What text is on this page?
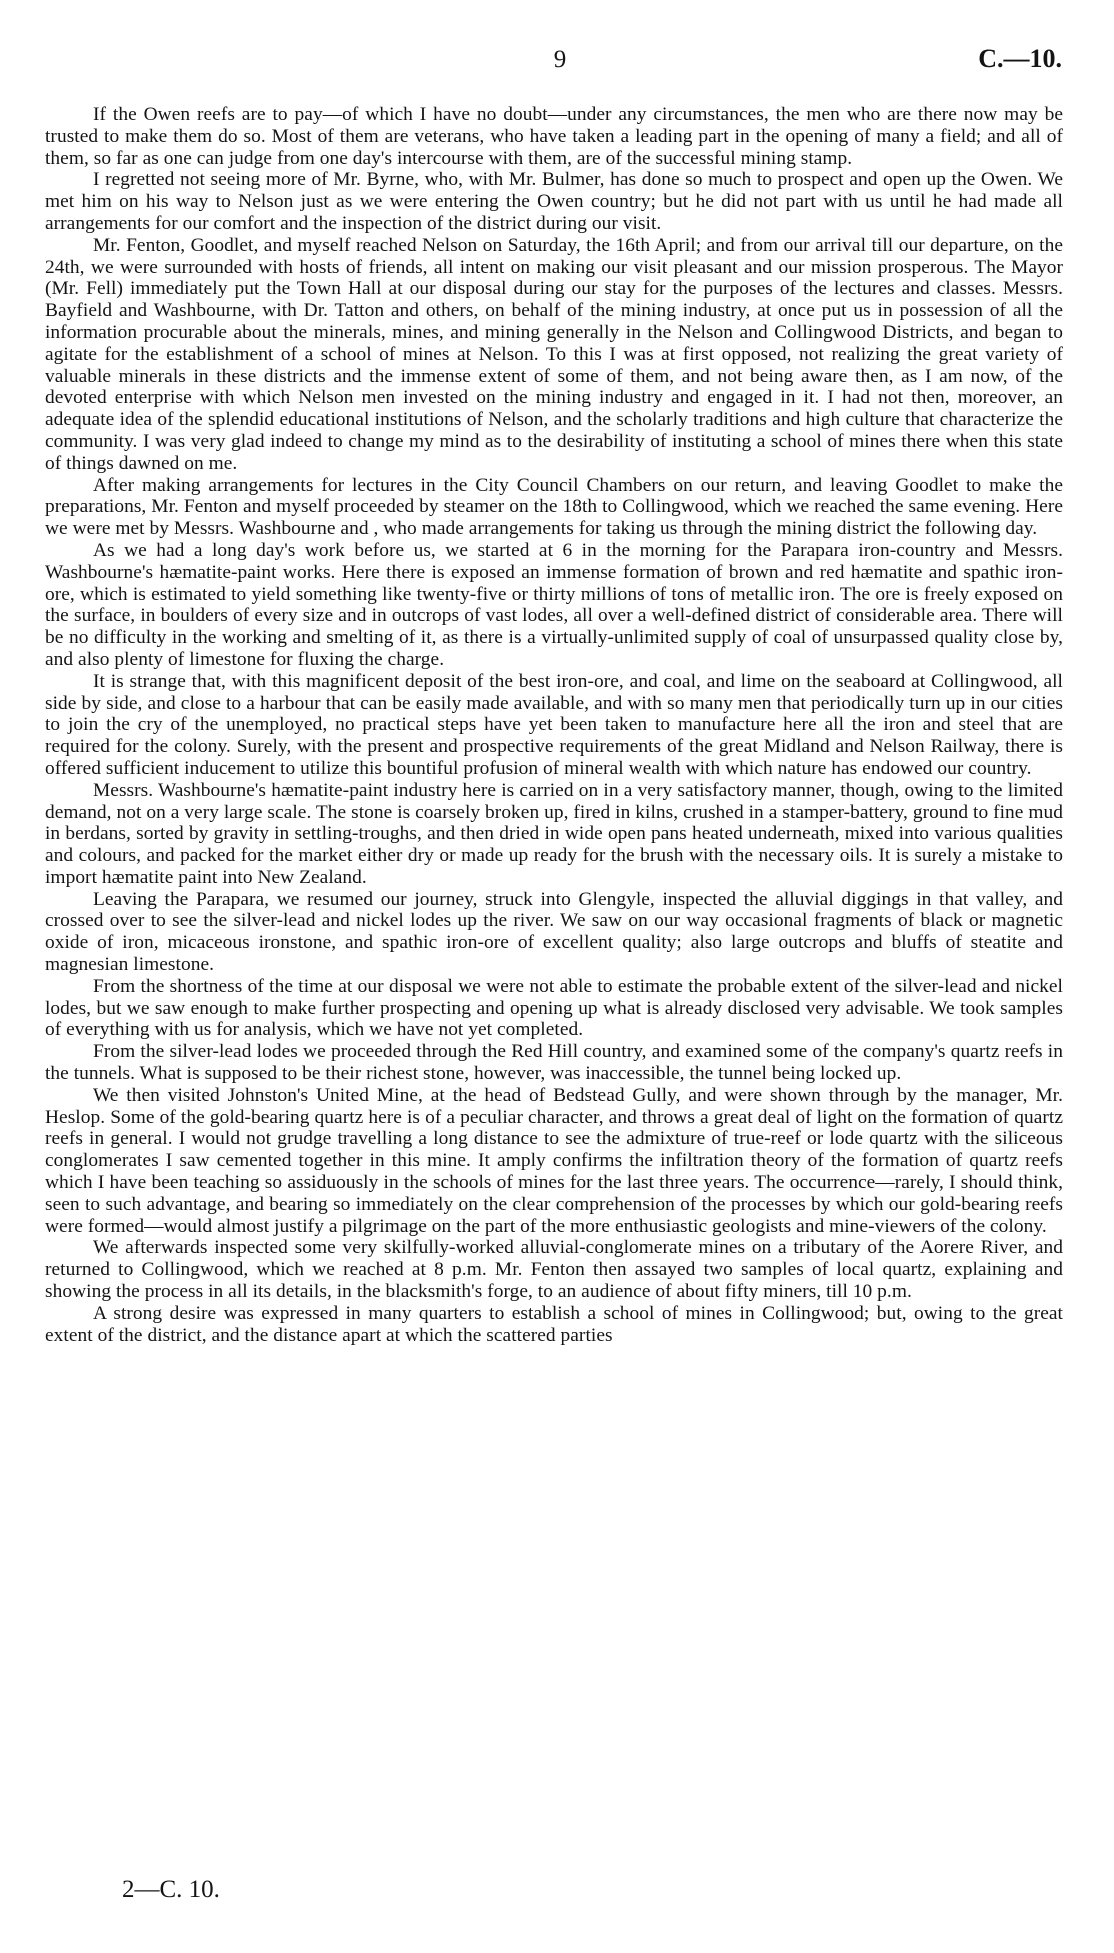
9	C.—10.

If the Owen reefs are to pay—of which I have no doubt—under any circumstances, the men who are there now may be trusted to make them do so. Most of them are veterans, who have taken a leading part in the opening of many a field; and all of them, so far as one can judge from one day's intercourse with them, are of the successful mining stamp.

I regretted not seeing more of Mr. Byrne, who, with Mr. Bulmer, has done so much to prospect and open up the Owen. We met him on his way to Nelson just as we were entering the Owen country; but he did not part with us until he had made all arrangements for our comfort and the inspection of the district during our visit.

Mr. Fenton, Goodlet, and myself reached Nelson on Saturday, the 16th April; and from our arrival till our departure, on the 24th, we were surrounded with hosts of friends, all intent on making our visit pleasant and our mission prosperous. The Mayor (Mr. Fell) immediately put the Town Hall at our disposal during our stay for the purposes of the lectures and classes. Messrs. Bayfield and Washbourne, with Dr. Tatton and others, on behalf of the mining industry, at once put us in possession of all the information procurable about the minerals, mines, and mining generally in the Nelson and Collingwood Districts, and began to agitate for the establishment of a school of mines at Nelson. To this I was at first opposed, not realizing the great variety of valuable minerals in these districts and the immense extent of some of them, and not being aware then, as I am now, of the devoted enterprise with which Nelson men invested on the mining industry and engaged in it. I had not then, moreover, an adequate idea of the splendid educational institutions of Nelson, and the scholarly traditions and high culture that characterize the community. I was very glad indeed to change my mind as to the desirability of instituting a school of mines there when this state of things dawned on me.

After making arrangements for lectures in the City Council Chambers on our return, and leaving Goodlet to make the preparations, Mr. Fenton and myself proceeded by steamer on the 18th to Collingwood, which we reached the same evening. Here we were met by Messrs. Washbourne and , who made arrangements for taking us through the mining district the following day.

As we had a long day's work before us, we started at 6 in the morning for the Parapara iron-country and Messrs. Washbourne's hæmatite-paint works. Here there is exposed an immense formation of brown and red hæmatite and spathic iron-ore, which is estimated to yield something like twenty-five or thirty millions of tons of metallic iron. The ore is freely exposed on the surface, in boulders of every size and in outcrops of vast lodes, all over a well-defined district of considerable area. There will be no difficulty in the working and smelting of it, as there is a virtually-unlimited supply of coal of unsurpassed quality close by, and also plenty of limestone for fluxing the charge.

It is strange that, with this magnificent deposit of the best iron-ore, and coal, and lime on the seaboard at Collingwood, all side by side, and close to a harbour that can be easily made available, and with so many men that periodically turn up in our cities to join the cry of the unemployed, no practical steps have yet been taken to manufacture here all the iron and steel that are required for the colony. Surely, with the present and prospective requirements of the great Midland and Nelson Railway, there is offered sufficient inducement to utilize this bountiful profusion of mineral wealth with which nature has endowed our country.

Messrs. Washbourne's hæmatite-paint industry here is carried on in a very satisfactory manner, though, owing to the limited demand, not on a very large scale. The stone is coarsely broken up, fired in kilns, crushed in a stamper-battery, ground to fine mud in berdans, sorted by gravity in settling-troughs, and then dried in wide open pans heated underneath, mixed into various qualities and colours, and packed for the market either dry or made up ready for the brush with the necessary oils. It is surely a mistake to import hæmatite paint into New Zealand.

Leaving the Parapara, we resumed our journey, struck into Glengyle, inspected the alluvial diggings in that valley, and crossed over to see the silver-lead and nickel lodes up the river. We saw on our way occasional fragments of black or magnetic oxide of iron, micaceous ironstone, and spathic iron-ore of excellent quality; also large outcrops and bluffs of steatite and magnesian limestone.

From the shortness of the time at our disposal we were not able to estimate the probable extent of the silver-lead and nickel lodes, but we saw enough to make further prospecting and opening up what is already disclosed very advisable. We took samples of everything with us for analysis, which we have not yet completed.

From the silver-lead lodes we proceeded through the Red Hill country, and examined some of the company's quartz reefs in the tunnels. What is supposed to be their richest stone, however, was inaccessible, the tunnel being locked up.

We then visited Johnston's United Mine, at the head of Bedstead Gully, and were shown through by the manager, Mr. Heslop. Some of the gold-bearing quartz here is of a peculiar character, and throws a great deal of light on the formation of quartz reefs in general. I would not grudge travelling a long distance to see the admixture of true-reef or lode quartz with the siliceous conglomerates I saw cemented together in this mine. It amply confirms the infiltration theory of the formation of quartz reefs which I have been teaching so assiduously in the schools of mines for the last three years. The occurrence—rarely, I should think, seen to such advantage, and bearing so immediately on the clear comprehension of the processes by which our gold-bearing reefs were formed—would almost justify a pilgrimage on the part of the more enthusiastic geologists and mine-viewers of the colony.

We afterwards inspected some very skilfully-worked alluvial-conglomerate mines on a tributary of the Aorere River, and returned to Collingwood, which we reached at 8 p.m. Mr. Fenton then assayed two samples of local quartz, explaining and showing the process in all its details, in the blacksmith's forge, to an audience of about fifty miners, till 10 p.m.

A strong desire was expressed in many quarters to establish a school of mines in Collingwood; but, owing to the great extent of the district, and the distance apart at which the scattered parties

2—C. 10.
